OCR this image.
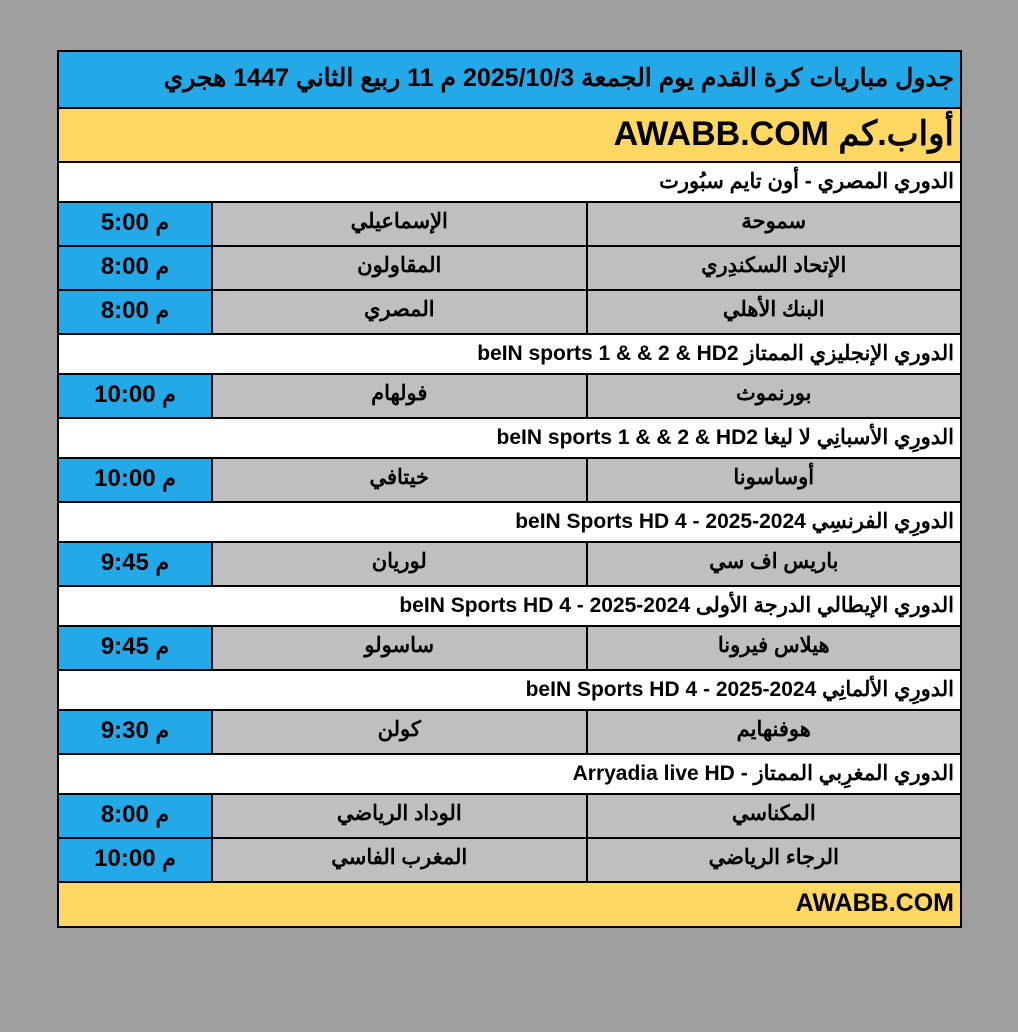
جدول مباريات كرة القدم يوم الجمعة 2025/10/3 م 11 ربيع الثاني 1447 هجري
أواب.كم AWABB.COM
الدوري المصري - أون تايم سبُورت
سموحة
الإسماعيلي
م 5:00
الإتحاد السكندِري
المقاولون
م 8:00
البنك الأهلي
المصري
م 8:00
الدوري الإنجليزي الممتاز beIN sports 1 & & 2 & HD2
بورنموث
فولهام
م 10:00
الدورِي الأسبانِي لا ليغا beIN sports 1 & & 2 & HD2
أوساسونا
خيتافي
م 10:00
الدورِي الفرنسِي 2024-2025 - beIN Sports HD 4
باريس اف سي
لوريان
م 9:45
الدوري الإيطالي الدرجة الأولى 2024-2025 - beIN Sports HD 4
هيلاس فيرونا
ساسولو
م 9:45
الدورِي الألمانِي 2024-2025 - beIN Sports HD 4
هوفنهايم
كولن
م 9:30
الدوري المغرِبي الممتاز - Arryadia live HD
المكناسي
الوداد الرياضي
م 8:00
الرجاء الرياضي
المغرب الفاسي
م 10:00
AWABB.COM
